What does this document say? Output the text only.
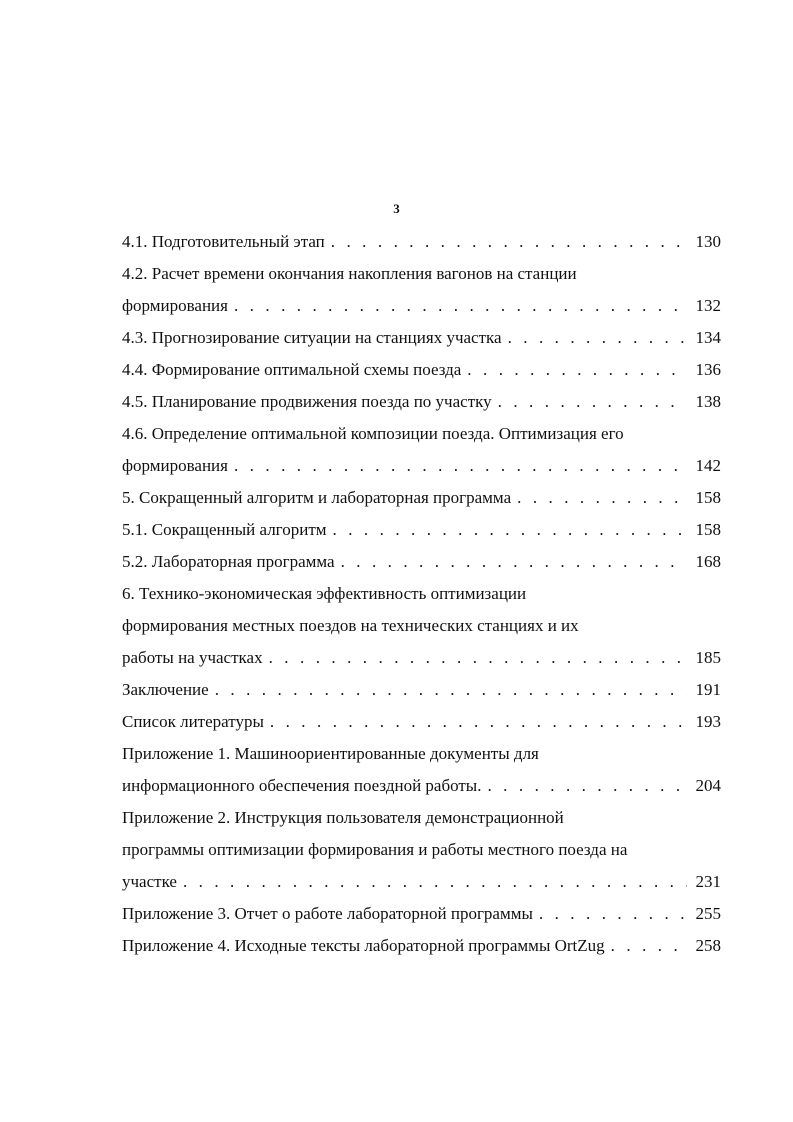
3
4.1. Подготовительный этап . . .	130
4.2. Расчет времени окончания накопления вагонов на станции
формирования . . .	132
4.3. Прогнозирование ситуации на станциях участка . . .	134
4.4. Формирование оптимальной схемы поезда . . .	136
4.5. Планирование продвижения поезда по участку . . .	138
4.6. Определение оптимальной композиции поезда. Оптимизация его
формирования . . .	142
5. Сокращенный алгоритм и лабораторная программа . . .	158
5.1. Сокращенный алгоритм . . .	158
5.2. Лабораторная программа . . .	168
6. Технико-экономическая эффективность оптимизации
формирования местных поездов на технических станциях и их
работы на участках . . .	185
Заключение . . .	191
Список литературы . . .	193
Приложение 1. Машиноориентированные документы для
информационного обеспечения поездной работы. . . .	204
Приложение 2. Инструкция пользователя демонстрационной
программы оптимизации формирования и работы местного поезда на
участке . . .	231
Приложение 3. Отчет о работе лабораторной программы . . .	255
Приложение 4. Исходные тексты лабораторной программы OrtZug . . .	258
